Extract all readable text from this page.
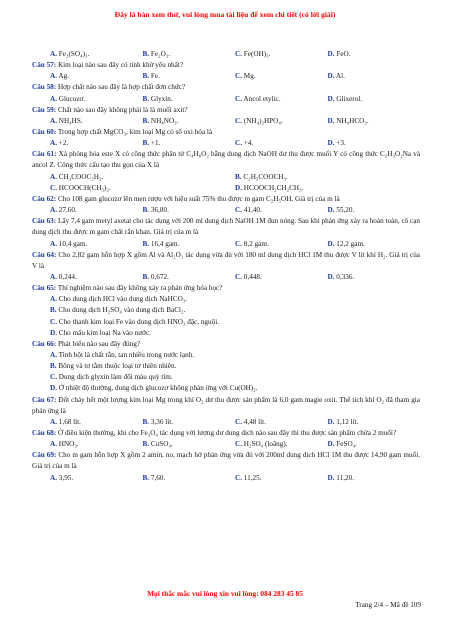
Đây là bản xem thử, vui lòng mua tài liệu để xem chi tiết (có lời giải)
A. Fe₂(SO₄)₃.	B. Fe₂O₃.	C. Fe(OH)₃.	D. FeO.
Câu 57: Kim loại nào sau đây có tính khử yếu nhất?
A. Ag.	B. Fe.	C. Mg.	D. Al.
Câu 58: Hợp chất nào sau đây là hợp chất đơn chức?
A. Glucozơ.	B. Glyxin.	C. Ancol etylic.	D. Glixerol.
Câu 59: Chất nào sau đây không phải là là muối axit?
A. NH₄HS.	B. NH₄NO₃.	C. (NH₄)₂HPO₄.	D. NH₄HCO₃.
Câu 60: Trong hợp chất MgCO₃, kim loại Mg có số oxi hóa là
A. +2.	B. +1.	C. +4.	D. +3.
Câu 61: Xà phòng hóa este X có công thức phân tử C₄H₈O₂ bằng dung dịch NaOH dư thu được muối Y có công thức C₂H₃O₂Na và ancol Z. Công thức cấu tạo thu gọn của X là
A. CH₃COOC₂H₅.	B. C₂H₅COOCH₃.
C. HCOOCH(CH₃)₂.	D. HCOOCH₂CH₂CH₃.
Câu 62: Cho 108 gam glucozơ lên men rượu với hiệu suất 75% thu được m gam C₂H₅OH. Giá trị của m là
A. 27,60.	B. 36,80.	C. 41,40.	D. 55,20.
Câu 63: Lấy 7,4 gam metyl axetat cho tác dụng với 200 ml dung dịch NaOH 1M đun nóng. Sau khi phản ứng xảy ra hoàn toàn, cô cạn dung dịch thu được m gam chất rắn khan. Giá trị của m là
A. 10,4 gam.	B. 16,4 gam.	C. 8,2 gam.	D. 12,2 gam.
Câu 64: Cho 2,82 gam hỗn hợp X gồm Al và Al₂O₃ tác dụng vừa đủ với 180 ml dung dịch HCl 1M thu được V lít khí H₂. Giá trị của V là
A. 0,244.	B. 0,672.	C. 0,448.	D. 0,336.
Câu 65: Thí nghiệm nào sau đây không xảy ra phản ứng hóa học?
A. Cho dung dịch HCl vào dung dịch NaHCO₃.
B. Cho dung dịch H₂SO₄ vào dung dịch BaCl₂.
C. Cho thanh kim loại Fe vào dung dịch HNO₃ đặc, nguội.
D. Cho mẩu kim loại Na vào nước.
Câu 66: Phát biểu nào sau đây đúng?
A. Tinh bột là chất rắn, tan nhiều trong nước lạnh.
B. Bông và tơ tằm thuộc loại tơ thiên nhiên.
C. Dung dịch glyxin làm đổi màu quỳ tím.
D. Ở nhiệt độ thường, dung dịch glucozơ không phản ứng với Cu(OH)₂.
Câu 67: Đốt cháy hết một lượng kim loại Mg trong khí O₂ dư thu được sản phẩm là 6,0 gam magie oxit. Thể tích khí O₂ đã tham gia phản ứng là
A. 1,68 lít.	B. 3,36 lít.	C. 4,48 lít.	D. 1,12 lít.
Câu 68: Ở điều kiện thường, khi cho Fe₃O₄ tác dụng với lượng dư dung dịch nào sau đây thì thu được sản phẩm chứa 2 muối?
A. HNO₃.	B. CuSO₄.	C. H₂SO₄ (loãng).	D. FeSO₄.
Câu 69: Cho m gam hỗn hợp X gồm 2 amin, no, mạch hở phản ứng vừa đủ với 200ml dung dịch HCl 1M thu được 14,90 gam muối. Giá trị của m là
A. 3,95.	B. 7,60.	C. 11,25.	D. 11,20.
Mọi thắc mắc vui lòng xin vui lòng: 084 283 45 85
Trang 2/4 – Mã đề 109
